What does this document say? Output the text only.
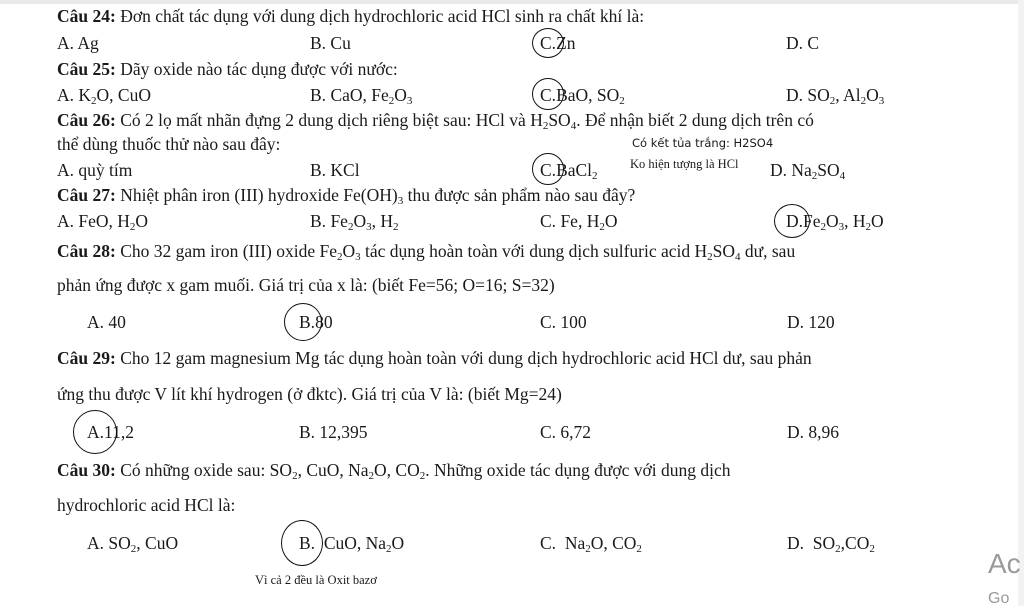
Câu 24: Đơn chất tác dụng với dung dịch hydrochloric acid HCl sinh ra chất khí là:
A. Ag	B. Cu	C.Zn	D. C
Câu 25: Dãy oxide nào tác dụng được với nước:
A. $K_2O$, CuO	B. CaO, $Fe_2O_3$	C.BaO, $SO_2$	D. $SO_2$, $Al_2O_3$
Câu 26: Có 2 lọ mất nhãn đựng 2 dung dịch riêng biệt sau: HCl và $H_2SO_4$. Để nhận biết 2 dung dịch trên có
thể dùng thuốc thử nào sau đây:	Có kết tủa trắng: H2SO4
A. quỳ tím	B. KCl	C.BaCl$_2$
Ko hiện tượng là HCl D. $Na_2SO_4$
Câu 27: Nhiệt phân iron (III) hydroxide $Fe(OH)_3$ thu được sản phẩm nào sau đây?
A. FeO, $H_2O$	B. $Fe_2O_3$, $H_2$	C. Fe, $H_2O$	$D.Fe_2O_3$, $H_2O$
Câu 28: Cho 32 gam iron (III) oxide $Fe_2O_3$ tác dụng hoàn toàn với dung dịch sulfuric acid $H_2SO_4$ dư, sau
phản ứng được x gam muối. Giá trị của x là: (biết Fe=56; O=16; S=32)
A. 40	B.80	C. 100	D. 120
Câu 29: Cho 12 gam magnesium Mg tác dụng hoàn toàn với dung dịch hydrochloric acid HCl dư, sau phản
ứng thu được V lít khí hydrogen (ở đktc). Giá trị của V là: (biết Mg=24)
A.11,2	B. 12,395	C. 6,72	D. 8,96
Câu 30: Có những oxide sau: $SO_2$, CuO, $Na_2O$, $CO_2$. Những oxide tác dụng được với dung dịch
hydrochloric acid HCl là:
A. $SO_2$, CuO	B. CuO, $Na_2O$	C. $Na_2O$, $CO_2$	D. $SO_2,CO_2$
Vì cả 2 đều là Oxit bazơ
Ac
Go
